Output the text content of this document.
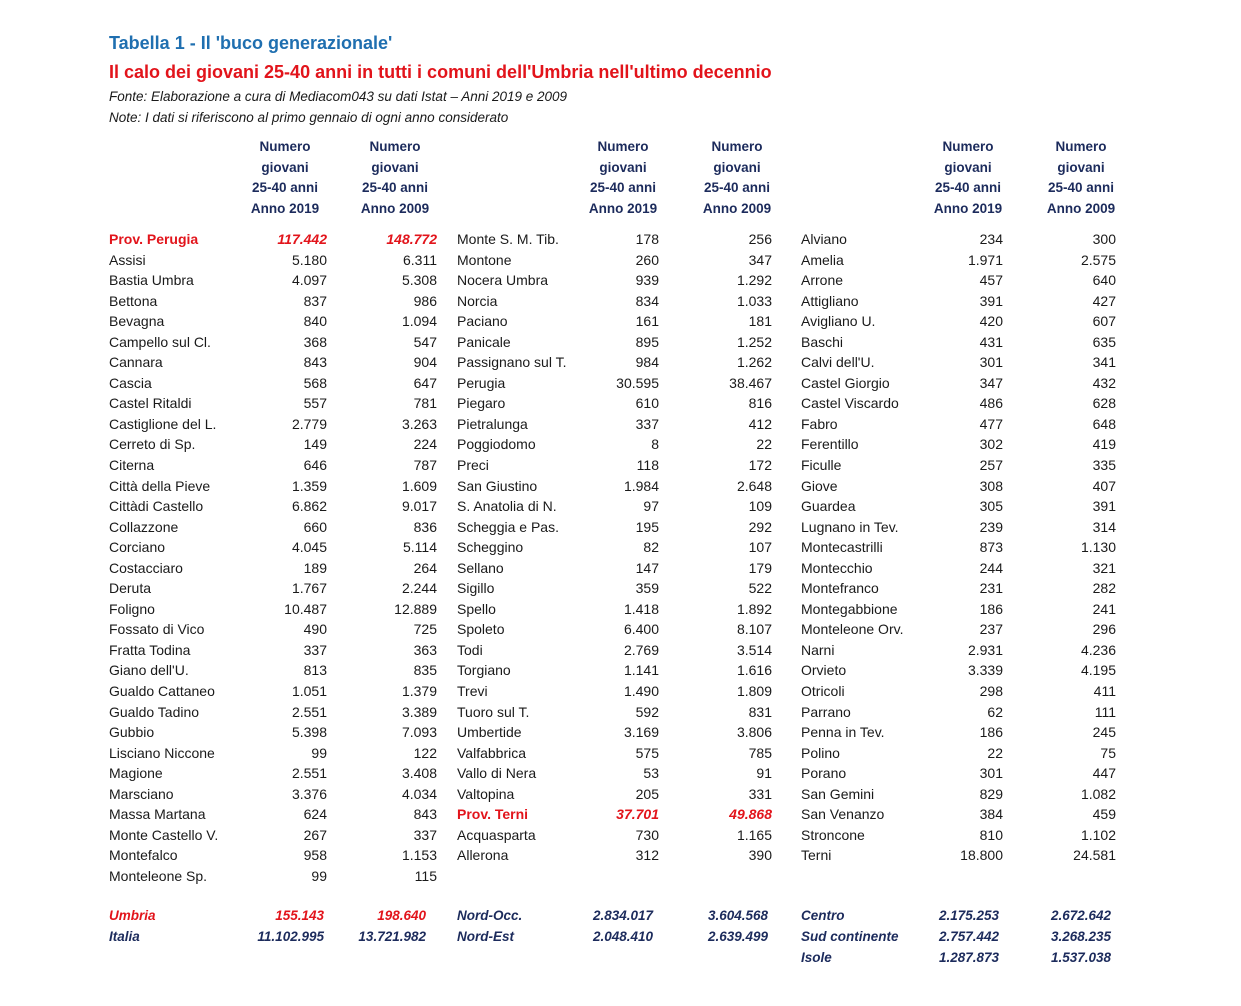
Tabella 1 - Il 'buco generazionale'
Il calo dei giovani 25-40 anni in tutti i comuni dell'Umbria nell'ultimo decennio
Fonte: Elaborazione a cura di Mediacom043 su dati Istat – Anni 2019 e 2009
Note: I dati si riferiscono al primo gennaio di ogni anno considerato
Numero
giovani
25-40 anni
Anno 2019
Numero
giovani
25-40 anni
Anno 2009
Prov. Perugia	117.442	148.772
Assisi	5.180	6.311
Bastia Umbra	4.097	5.308
Bettona	837	986
Bevagna	840	1.094
Campello sul Cl.	368	547
Cannara	843	904
Cascia	568	647
Castel Ritaldi	557	781
Castiglione del L.	2.779	3.263
Cerreto di Sp.	149	224
Citerna	646	787
Città della Pieve	1.359	1.609
Cittàdi Castello	6.862	9.017
Collazzone	660	836
Corciano	4.045	5.114
Costacciaro	189	264
Deruta	1.767	2.244
Foligno	10.487	12.889
Fossato di Vico	490	725
Fratta Todina	337	363
Giano dell'U.	813	835
Gualdo Cattaneo	1.051	1.379
Gualdo Tadino	2.551	3.389
Gubbio	5.398	7.093
Lisciano Niccone	99	122
Magione	2.551	3.408
Marsciano	3.376	4.034
Massa Martana	624	843
Monte Castello V.	267	337
Montefalco	958	1.153
Monteleone Sp.	99	115
Numero
giovani
25-40 anni
Anno 2019
Numero
giovani
25-40 anni
Anno 2009
Monte S. M. Tib.	178	256
Montone	260	347
Nocera Umbra	939	1.292
Norcia	834	1.033
Paciano	161	181
Panicale	895	1.252
Passignano sul T.	984	1.262
Perugia	30.595	38.467
Piegaro	610	816
Pietralunga	337	412
Poggiodomo	8	22
Preci	118	172
San Giustino	1.984	2.648
S. Anatolia di N.	97	109
Scheggia e Pas.	195	292
Scheggino	82	107
Sellano	147	179
Sigillo	359	522
Spello	1.418	1.892
Spoleto	6.400	8.107
Todi	2.769	3.514
Torgiano	1.141	1.616
Trevi	1.490	1.809
Tuoro sul T.	592	831
Umbertide	3.169	3.806
Valfabbrica	575	785
Vallo di Nera	53	91
Valtopina	205	331
Prov. Terni	37.701	49.868
Acquasparta	730	1.165
Allerona	312	390
Numero
giovani
25-40 anni
Anno 2019
Numero
giovani
25-40 anni
Anno 2009
Alviano	234	300
Amelia	1.971	2.575
Arrone	457	640
Attigliano	391	427
Avigliano U.	420	607
Baschi	431	635
Calvi dell'U.	301	341
Castel Giorgio	347	432
Castel Viscardo	486	628
Fabro	477	648
Ferentillo	302	419
Ficulle	257	335
Giove	308	407
Guardea	305	391
Lugnano in Tev.	239	314
Montecastrilli	873	1.130
Montecchio	244	321
Montefranco	231	282
Montegabbione	186	241
Monteleone Orv.	237	296
Narni	2.931	4.236
Orvieto	3.339	4.195
Otricoli	298	411
Parrano	62	111
Penna in Tev.	186	245
Polino	22	75
Porano	301	447
San Gemini	829	1.082
San Venanzo	384	459
Stroncone	810	1.102
Terni	18.800	24.581
Umbria	155.143	198.640
Italia	11.102.995	13.721.982
Nord-Occ.	2.834.017	3.604.568
Nord-Est	2.048.410	2.639.499
Centro	2.175.253	2.672.642
Sud continente	2.757.442	3.268.235
Isole	1.287.873	1.537.038
